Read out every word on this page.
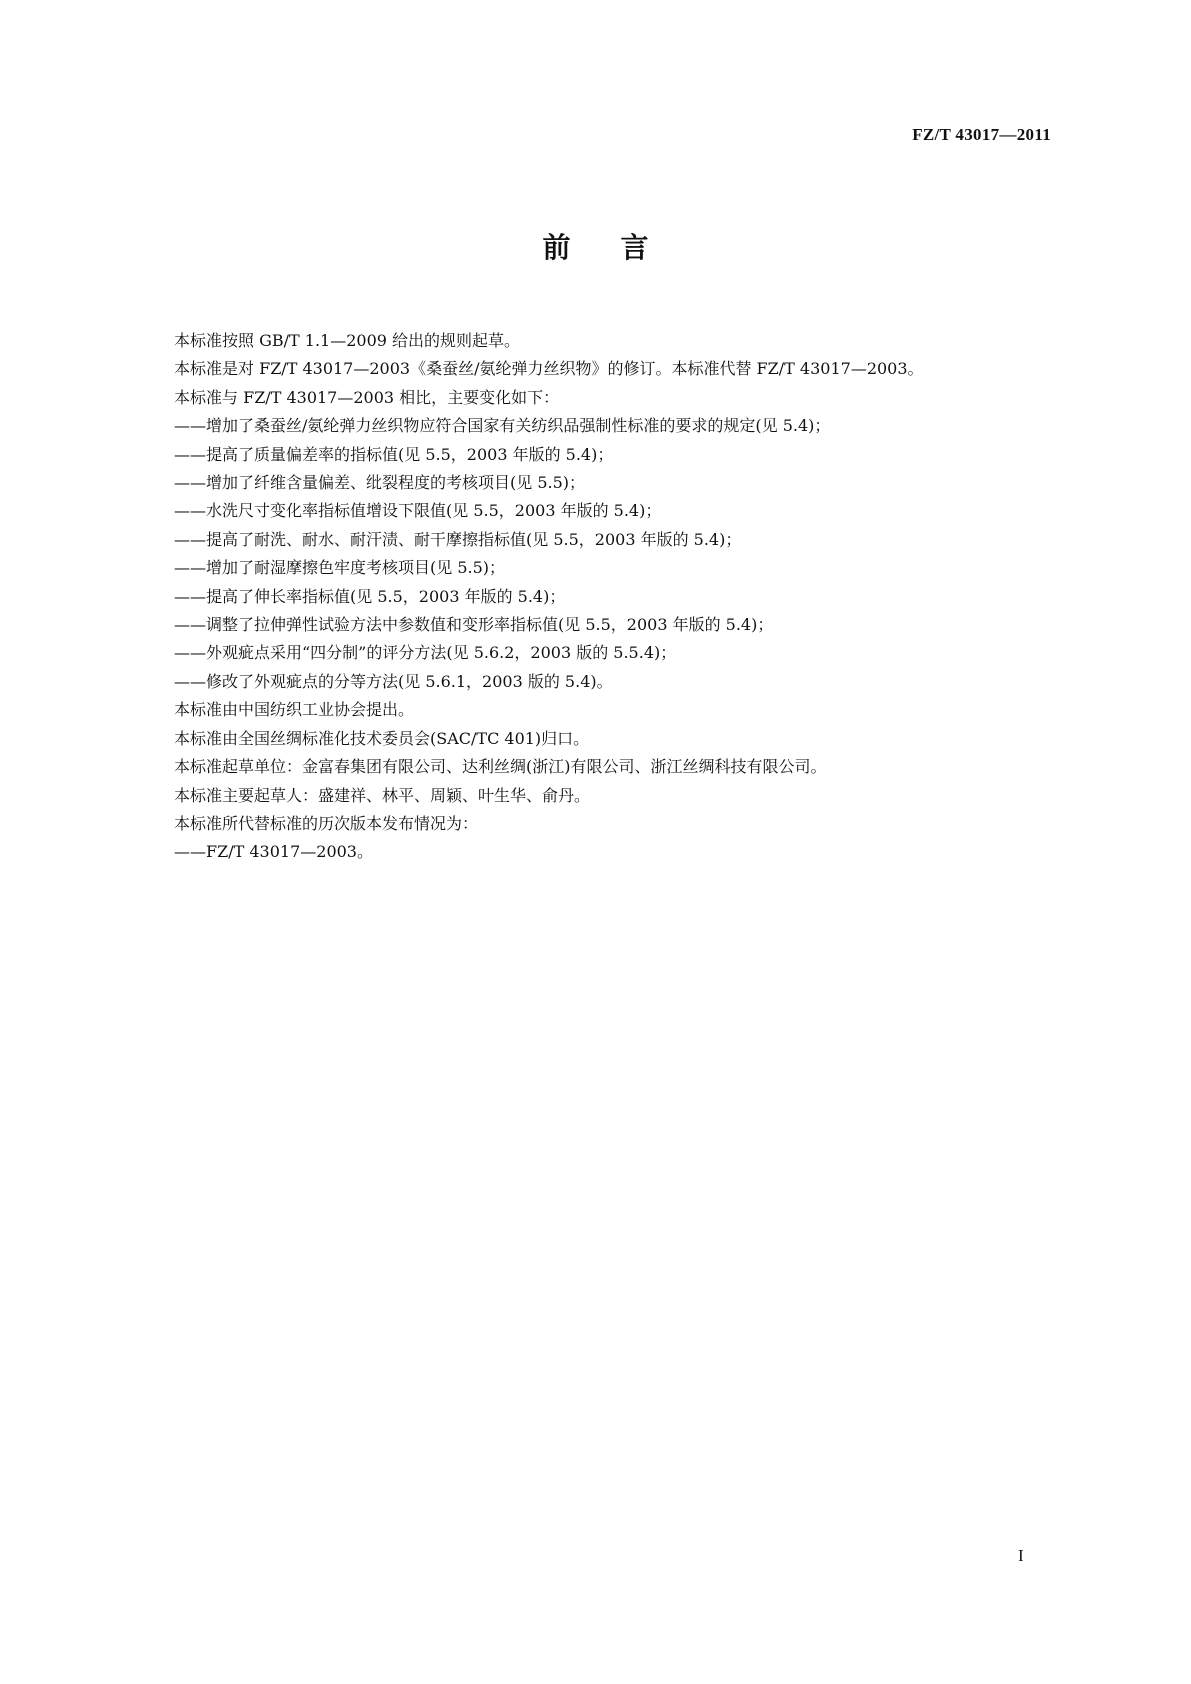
FZ/T 43017—2011
前言
本标准按照 GB/T 1.1—2009 给出的规则起草。
本标准是对 FZ/T 43017—2003《桑蚕丝/氨纶弹力丝织物》的修订。本标准代替 FZ/T 43017—2003。
本标准与 FZ/T 43017—2003 相比，主要变化如下：
——增加了桑蚕丝/氨纶弹力丝织物应符合国家有关纺织品强制性标准的要求的规定(见 5.4)；
——提高了质量偏差率的指标值(见 5.5，2003 年版的 5.4)；
——增加了纤维含量偏差、纰裂程度的考核项目(见 5.5)；
——水洗尺寸变化率指标值增设下限值(见 5.5，2003 年版的 5.4)；
——提高了耐洗、耐水、耐汗渍、耐干摩擦指标值(见 5.5，2003 年版的 5.4)；
——增加了耐湿摩擦色牢度考核项目(见 5.5)；
——提高了伸长率指标值(见 5.5，2003 年版的 5.4)；
——调整了拉伸弹性试验方法中参数值和变形率指标值(见 5.5，2003 年版的 5.4)；
——外观疵点采用“四分制”的评分方法(见 5.6.2，2003 版的 5.5.4)；
——修改了外观疵点的分等方法(见 5.6.1，2003 版的 5.4)。
本标准由中国纺织工业协会提出。
本标准由全国丝绸标准化技术委员会(SAC/TC 401)归口。
本标准起草单位：金富春集团有限公司、达利丝绸(浙江)有限公司、浙江丝绸科技有限公司。
本标准主要起草人：盛建祥、林平、周颖、叶生华、俞丹。
本标准所代替标准的历次版本发布情况为：
——FZ/T 43017—2003。
I
